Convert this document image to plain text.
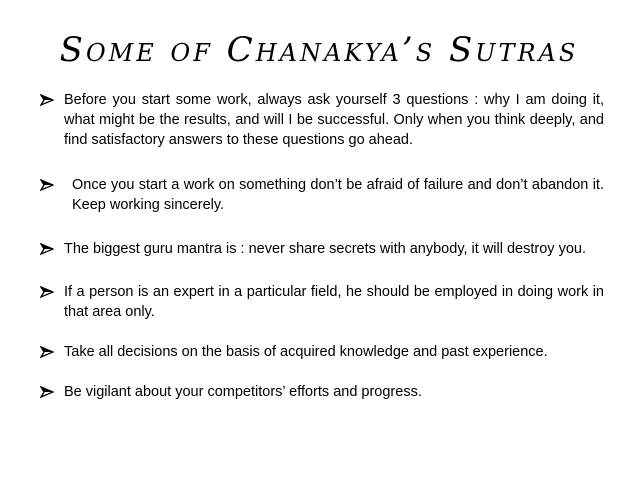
Some of Chanakya’s Sutras
Before you start some work, always ask yourself 3 questions : why I am doing it, what might be the results, and will I be successful. Only when you think deeply, and find satisfactory answers to these questions go ahead.
Once you start a work on something don’t be afraid of failure and don’t abandon it. Keep working sincerely.
The biggest guru mantra is : never share secrets with anybody, it will destroy you.
If a person is an expert in a particular field, he should be employed in doing work in that area only.
Take all decisions on the basis of acquired knowledge and past experience.
Be vigilant about your competitors’ efforts and progress.
